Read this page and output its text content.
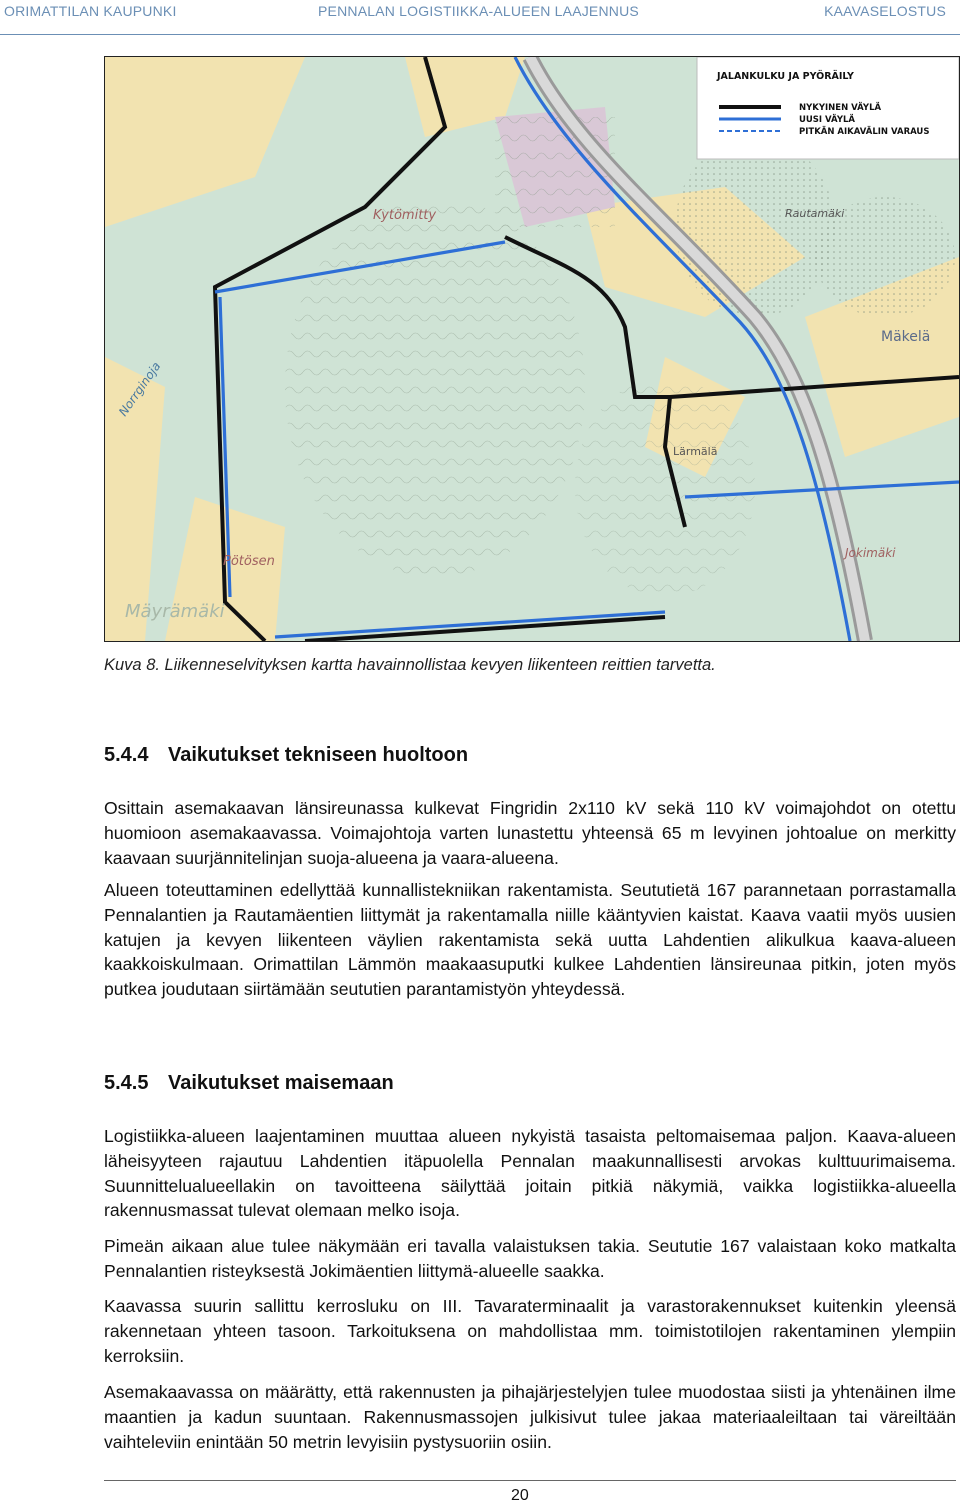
ORIMATTILAN KAUPUNKI	PENNALAN LOGISTIIKKA-ALUEEN LAAJENNUS	KAAVASELOSTUS
Kytömitty
Mäkelä
Norrginoja
Pötösen
Mäyrämäki
Lärmälä
Jokimäki
Rautamäki
JALANKULKU JA PYÖRÄILY
NYKYINEN VÄYLÄ
UUSI VÄYLÄ
PITKÄN AIKAVÄLIN VARAUS
Kuva 8. Liikenneselvityksen kartta havainnollistaa kevyen liikenteen reittien tarvetta.
5.4.4 Vaikutukset tekniseen huoltoon

Osittain asemakaavan länsireunassa kulkevat Fingridin 2x110 kV sekä 110 kV voimajohdot on otettu huomioon asemakaavassa. Voimajohtoja varten lunastettu yhteensä 65 m levyinen johtoalue on merkitty kaavaan suurjännitelinjan suoja-alueena ja vaara-alueena.

Alueen toteuttaminen edellyttää kunnallistekniikan rakentamista. Seututietä 167 parannetaan porrastamalla Pennalantien ja Rautamäentien liittymät ja rakentamalla niille kääntyvien kaistat. Kaava vaatii myös uusien katujen ja kevyen liikenteen väylien rakentamista sekä uutta Lahdentien alikulkua kaava-alueen kaakkoiskulmaan. Orimattilan Lämmön maakaasuputki kulkee Lahdentien länsireunaa pitkin, joten myös putkea joudutaan siirtämään seututien parantamistyön yhteydessä.

5.4.5 Vaikutukset maisemaan

Logistiikka-alueen laajentaminen muuttaa alueen nykyistä tasaista peltomaisemaa paljon. Kaava-alueen läheisyyteen rajautuu Lahdentien itäpuolella Pennalan maakunnallisesti arvokas kulttuurimaisema. Suunnittelualueellakin on tavoitteena säilyttää joitain pitkiä näkymiä, vaikka logistiikka-alueella rakennusmassat tulevat olemaan melko isoja.

Pimeän aikaan alue tulee näkymään eri tavalla valaistuksen takia. Seututie 167 valaistaan koko matkalta Pennalantien risteyksestä Jokimäentien liittymä-alueelle saakka.

Kaavassa suurin sallittu kerrosluku on III. Tavaraterminaalit ja varastorakennukset kuitenkin yleensä rakennetaan yhteen tasoon. Tarkoituksena on mahdollistaa mm. toimistotilojen rakentaminen ylempiin kerroksiin.

Asemakaavassa on määrätty, että rakennusten ja pihajärjestelyjen tulee muodostaa siisti ja yhtenäinen ilme maantien ja kadun suuntaan. Rakennusmassojen julkisivut tulee jakaa materiaaleiltaan tai väreiltään vaihteleviin enintään 50 metrin levyisiin pystysuoriin osiin.

20
